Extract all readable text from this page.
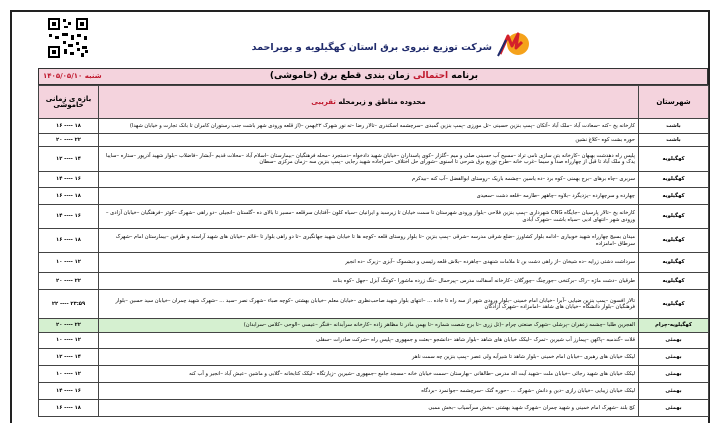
شرکت توزیع نیروی برق استان کهگیلویه و بویراحمد
برنامه احتمالی زمان بندی قطع برق (خاموشی)
شنبه ۱۴۰۵/۰۵/۱۰
بازه ی زمانی خاموشی	محدوده مناطق و زیرمحله تقریبی	شهرستان
۱۶ ---- ۱۸	کارخانه یخ –کته –سعادت آباد –ملک آباد –آتکان –پمپ بنزین حسینی –تل مورزی –پمپ بنزین گمبدی –سرچشمه اسکندری –تالار رضا –ته نور شهرک ۲۲بهمن –(از قلعه ورودی شهر باشت جنب رستوران کامران تا بانک تجارت و خیابان شهدا)	باشت
۲۰ ---- ۲۲	حوره بشت کوه –کلاغ نشین	باشت
۱۲ ---- ۱۴	پلیس راه دهدشت بهبهان –کارخانه بتن سازی نامی تراد –مسیح آب حسینی صلی و میم –گلزار –کوی پاسداران –خیابان شهید دادخواه –دستجرد –محله فرهنگیان –بیمارستان –اسلام آباد –محلات قدیم –آبشار –فاضلاب –بلوار شهید آذرپور –ستاره –سایبا یدک و ملک آباد تا قبل از چهارراه صدا و سیما –غرب خانه –طرح توزیع برق شرحی تا اسنوی –شورای حل اختلاف –سراجاده شهید رجایی –پمپ بنزین سه –زمان مرکزی –سطان	کهگیلویه
۱۴ ---- ۱۶	سربری –چاه برهای –برج بهمنی –کوه برد –ده یاسین –چشمه باریک –روستای ابوالفضل –آب کنه –بیدکرم	کهگیلویه
۱۶ ---- ۱۸	چهارده و سرچهارده –یزدیگرد –بلاوه –چاههر –طارمه –قلعه دشت –سعیدی	کهگیلویه
۱۴ ---- ۱۶	کارخانه یخ –تالار پارسیان –جایگاه CNG شهرداری –پمپ بنزین فلاحی –بلوار ورودی شهرستان تا سمت خیابان تا زیرسبد و ایرانیان –سیاه کلون –آفتابان سرقلعه –مسیر تا بالای ده –گلستان –انجیلی –دو راهی –شهرک –کوثر –فرهنگیان –خیابان آزادی –ورودی شهر –انتهای ادبی –سیاه باشت –شهرک آبادی	کهگیلویه
۱۶ ---- ۱۸	میدان بسیج چهارراه شهید خوبیاری –ادامه بلوار کشاورز –ضلع شرقی مدرسه –شرقی –پمپ بنزین –تا بلوار روستای قلعه –کوچه ها تا خیابان شهید جهانگیری –تا دو راهی بلوار تا –قائم –خیابان های شهید آراسته و طرفین –بیمارستان امام –شهرک سرطاق –امامزاده	کهگیلویه
۱۰ ---- ۱۲	سرداشت دشتی زرایه –ده شیخان –از راهی دشت بن تا ملامات شنهدی –چاهرده –بلاش قلعه رئیسی و دیشموک –آبزی –زیرک –ده انجیر	کهگیلویه
۲۰ ---- ۲۲	طرقیان –دشت ماژه –راک –برکنخی –جورچنگ –چورگلان –کارخانه آسفالت مدرس –پیرحمال –تنگ زرده ماشورا –کوتنگ آبزل –جهل –کوه بنات	کهگیلویه
۲۲ ---- ۲۳:۵۹	تالار افسون –پمپ بنزین ضیایی –آبرا –خیابان امام خمینی –بلوار ورودی شهر از سه راه تا جاده ... –انتهای بلوار شهید صاحب‌نظری –خیابان معلم –خیابان بهشتی –کوچه صباء –شهرک نصر –سید ... –شهرک شهید چمران –خیابان سید حسین –بلوار فرهنگیان –بلوار دانشگاه –خیابان های شاهد –امامزاده –شهرک آزادگان	کهگیلویه
۲۰ ---- ۲۲	الفجرین طلبا –چشمه زعفران –پرشلی –شهرک صنعتی چرام –(تل زری –تا برج شصت شماره –تا بهمن مادر تا مظاهر زاده –کارخانه سرآبدانه –فنگر –عیسی –الوحی –کلاس –سرابدان)	کهگیلویه-چرام
۱۰ ---- ۱۲	قلات –گندمبه –پاکهن –پیمارز آب شیرین –تمرک –لیکک خیابان های شاهد –بلوار شاهد –دانشجو –بعثت و جمهوری –پلیس راه –شرکت صادرات –سقلی	بهمئی
۱۲ ---- ۱۴	لیکک خیابان های رهبری –خیابان امام خمینی –بلوار شاهد تا شیرآبه ولی عصر –پمپ بنزین چه سمت ناهر	بهمئی
۱۰ ---- ۱۲	لیکک خیابان های شهید رجائی –خیابان ملت –شهید آیت اله مدرس –طالقانی –بهارستان –سمت خیابان خانه –مسجد جامع –جمهوری –شیرین –زیارتگاه –لیکک کتابخانه –گلابی و ماشین –عیش آباد –انجیر و آب کنه	بهمئی
۱۴ ---- ۱۶	لیکک خیابان زیبایی –خیابان رازی –دین و دانش –شهرک ... –حوره گتک –سرچشمه –جوانمرد –بردگاه	بهمئی
۱۶ ---- ۱۸	کج بلند –شهرک امام خمینی و شهید چمران –شهرک شهید بهشتی –بخش سرآسیاب –بخش ممبی	بهمئی
